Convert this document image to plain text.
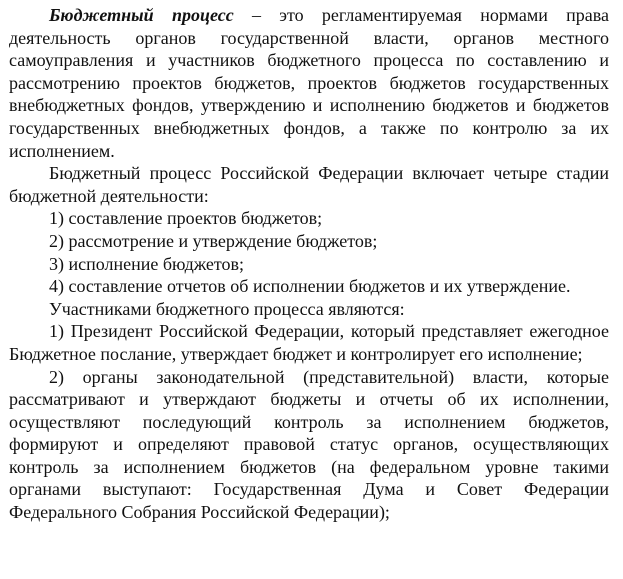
Бюджетный процесс – это регламентируемая нормами права деятельность органов государственной власти, органов местного самоуправления и участников бюджетного процесса по составлению и рассмотрению проектов бюджетов, проектов бюджетов государственных внебюджетных фондов, утверждению и исполнению бюджетов и бюджетов государственных внебюджетных фондов, а также по контролю за их исполнением.

Бюджетный процесс Российской Федерации включает четыре стадии бюджетной деятельности:

1) составление проектов бюджетов;

2) рассмотрение и утверждение бюджетов;

3) исполнение бюджетов;

4) составление отчетов об исполнении бюджетов и их утверждение.

Участниками бюджетного процесса являются:

1) Президент Российской Федерации, который представляет ежегодное Бюджетное послание, утверждает бюджет и контролирует его исполнение;

2) органы законодательной (представительной) власти, которые рассматривают и утверждают бюджеты и отчеты об их исполнении, осуществляют последующий контроль за исполнением бюджетов, формируют и определяют правовой статус органов, осуществляющих контроль за исполнением бюджетов (на федеральном уровне такими органами выступают: Государственная Дума и Совет Федерации Федерального Собрания Российской Федерации);
